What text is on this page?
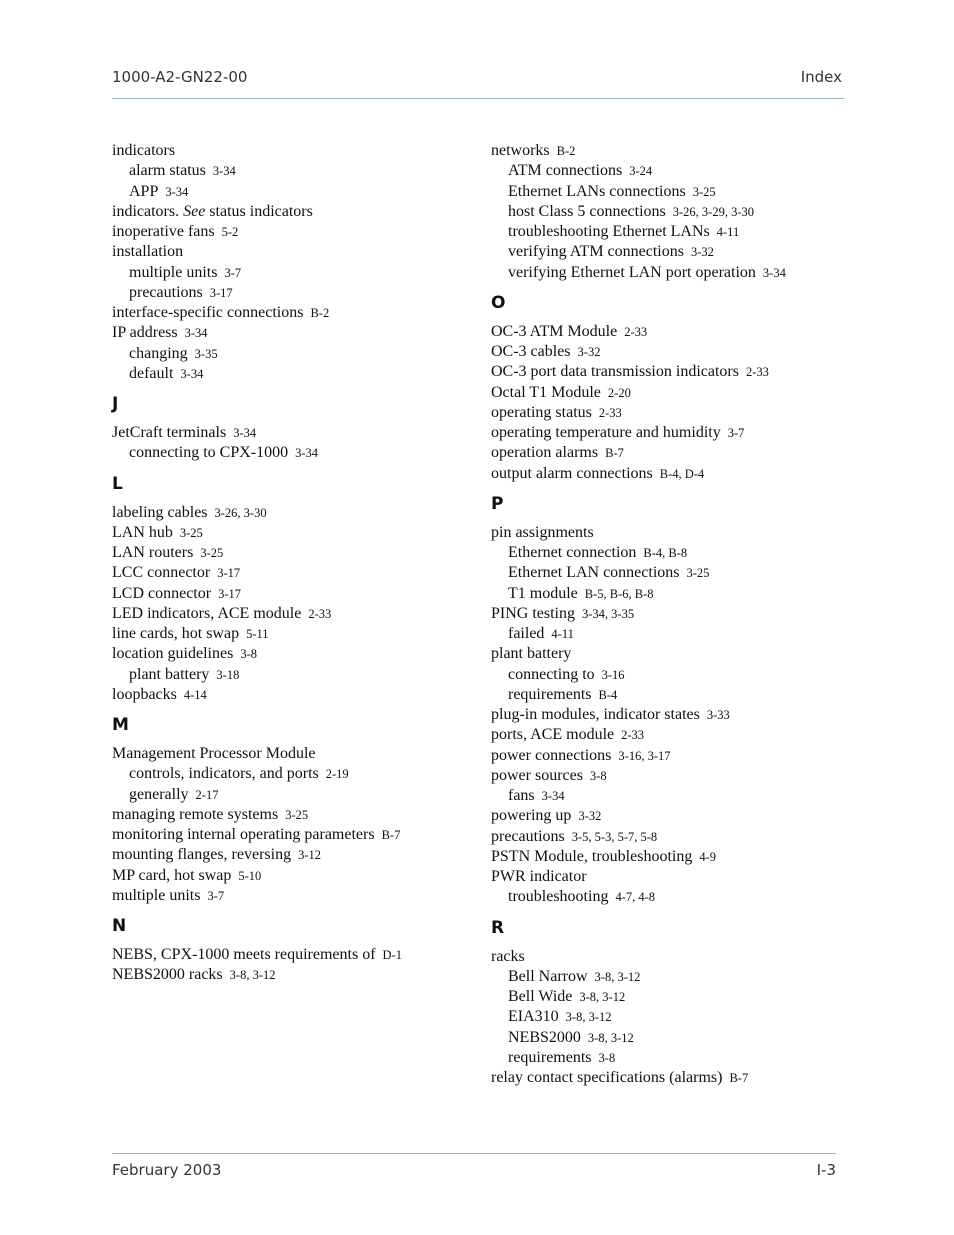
1000-A2-GN22-00	Index
indicators
alarm status 3-34
APP 3-34
indicators. See status indicators
inoperative fans 5-2
installation
multiple units 3-7
precautions 3-17
interface-specific connections B-2
IP address 3-34
changing 3-35
default 3-34
J
JetCraft terminals 3-34
connecting to CPX-1000 3-34
L
labeling cables 3-26, 3-30
LAN hub 3-25
LAN routers 3-25
LCC connector 3-17
LCD connector 3-17
LED indicators, ACE module 2-33
line cards, hot swap 5-11
location guidelines 3-8
plant battery 3-18
loopbacks 4-14
M
Management Processor Module
controls, indicators, and ports 2-19
generally 2-17
managing remote systems 3-25
monitoring internal operating parameters B-7
mounting flanges, reversing 3-12
MP card, hot swap 5-10
multiple units 3-7
N
NEBS, CPX-1000 meets requirements of D-1
NEBS2000 racks 3-8, 3-12
networks B-2
ATM connections 3-24
Ethernet LANs connections 3-25
host Class 5 connections 3-26, 3-29, 3-30
troubleshooting Ethernet LANs 4-11
verifying ATM connections 3-32
verifying Ethernet LAN port operation 3-34
O
OC-3 ATM Module 2-33
OC-3 cables 3-32
OC-3 port data transmission indicators 2-33
Octal T1 Module 2-20
operating status 2-33
operating temperature and humidity 3-7
operation alarms B-7
output alarm connections B-4, D-4
P
pin assignments
Ethernet connection B-4, B-8
Ethernet LAN connections 3-25
T1 module B-5, B-6, B-8
PING testing 3-34, 3-35
failed 4-11
plant battery
connecting to 3-16
requirements B-4
plug-in modules, indicator states 3-33
ports, ACE module 2-33
power connections 3-16, 3-17
power sources 3-8
fans 3-34
powering up 3-32
precautions 3-5, 5-3, 5-7, 5-8
PSTN Module, troubleshooting 4-9
PWR indicator
troubleshooting 4-7, 4-8
R
racks
Bell Narrow 3-8, 3-12
Bell Wide 3-8, 3-12
EIA310 3-8, 3-12
NEBS2000 3-8, 3-12
requirements 3-8
relay contact specifications (alarms) B-7
February 2003	I-3
